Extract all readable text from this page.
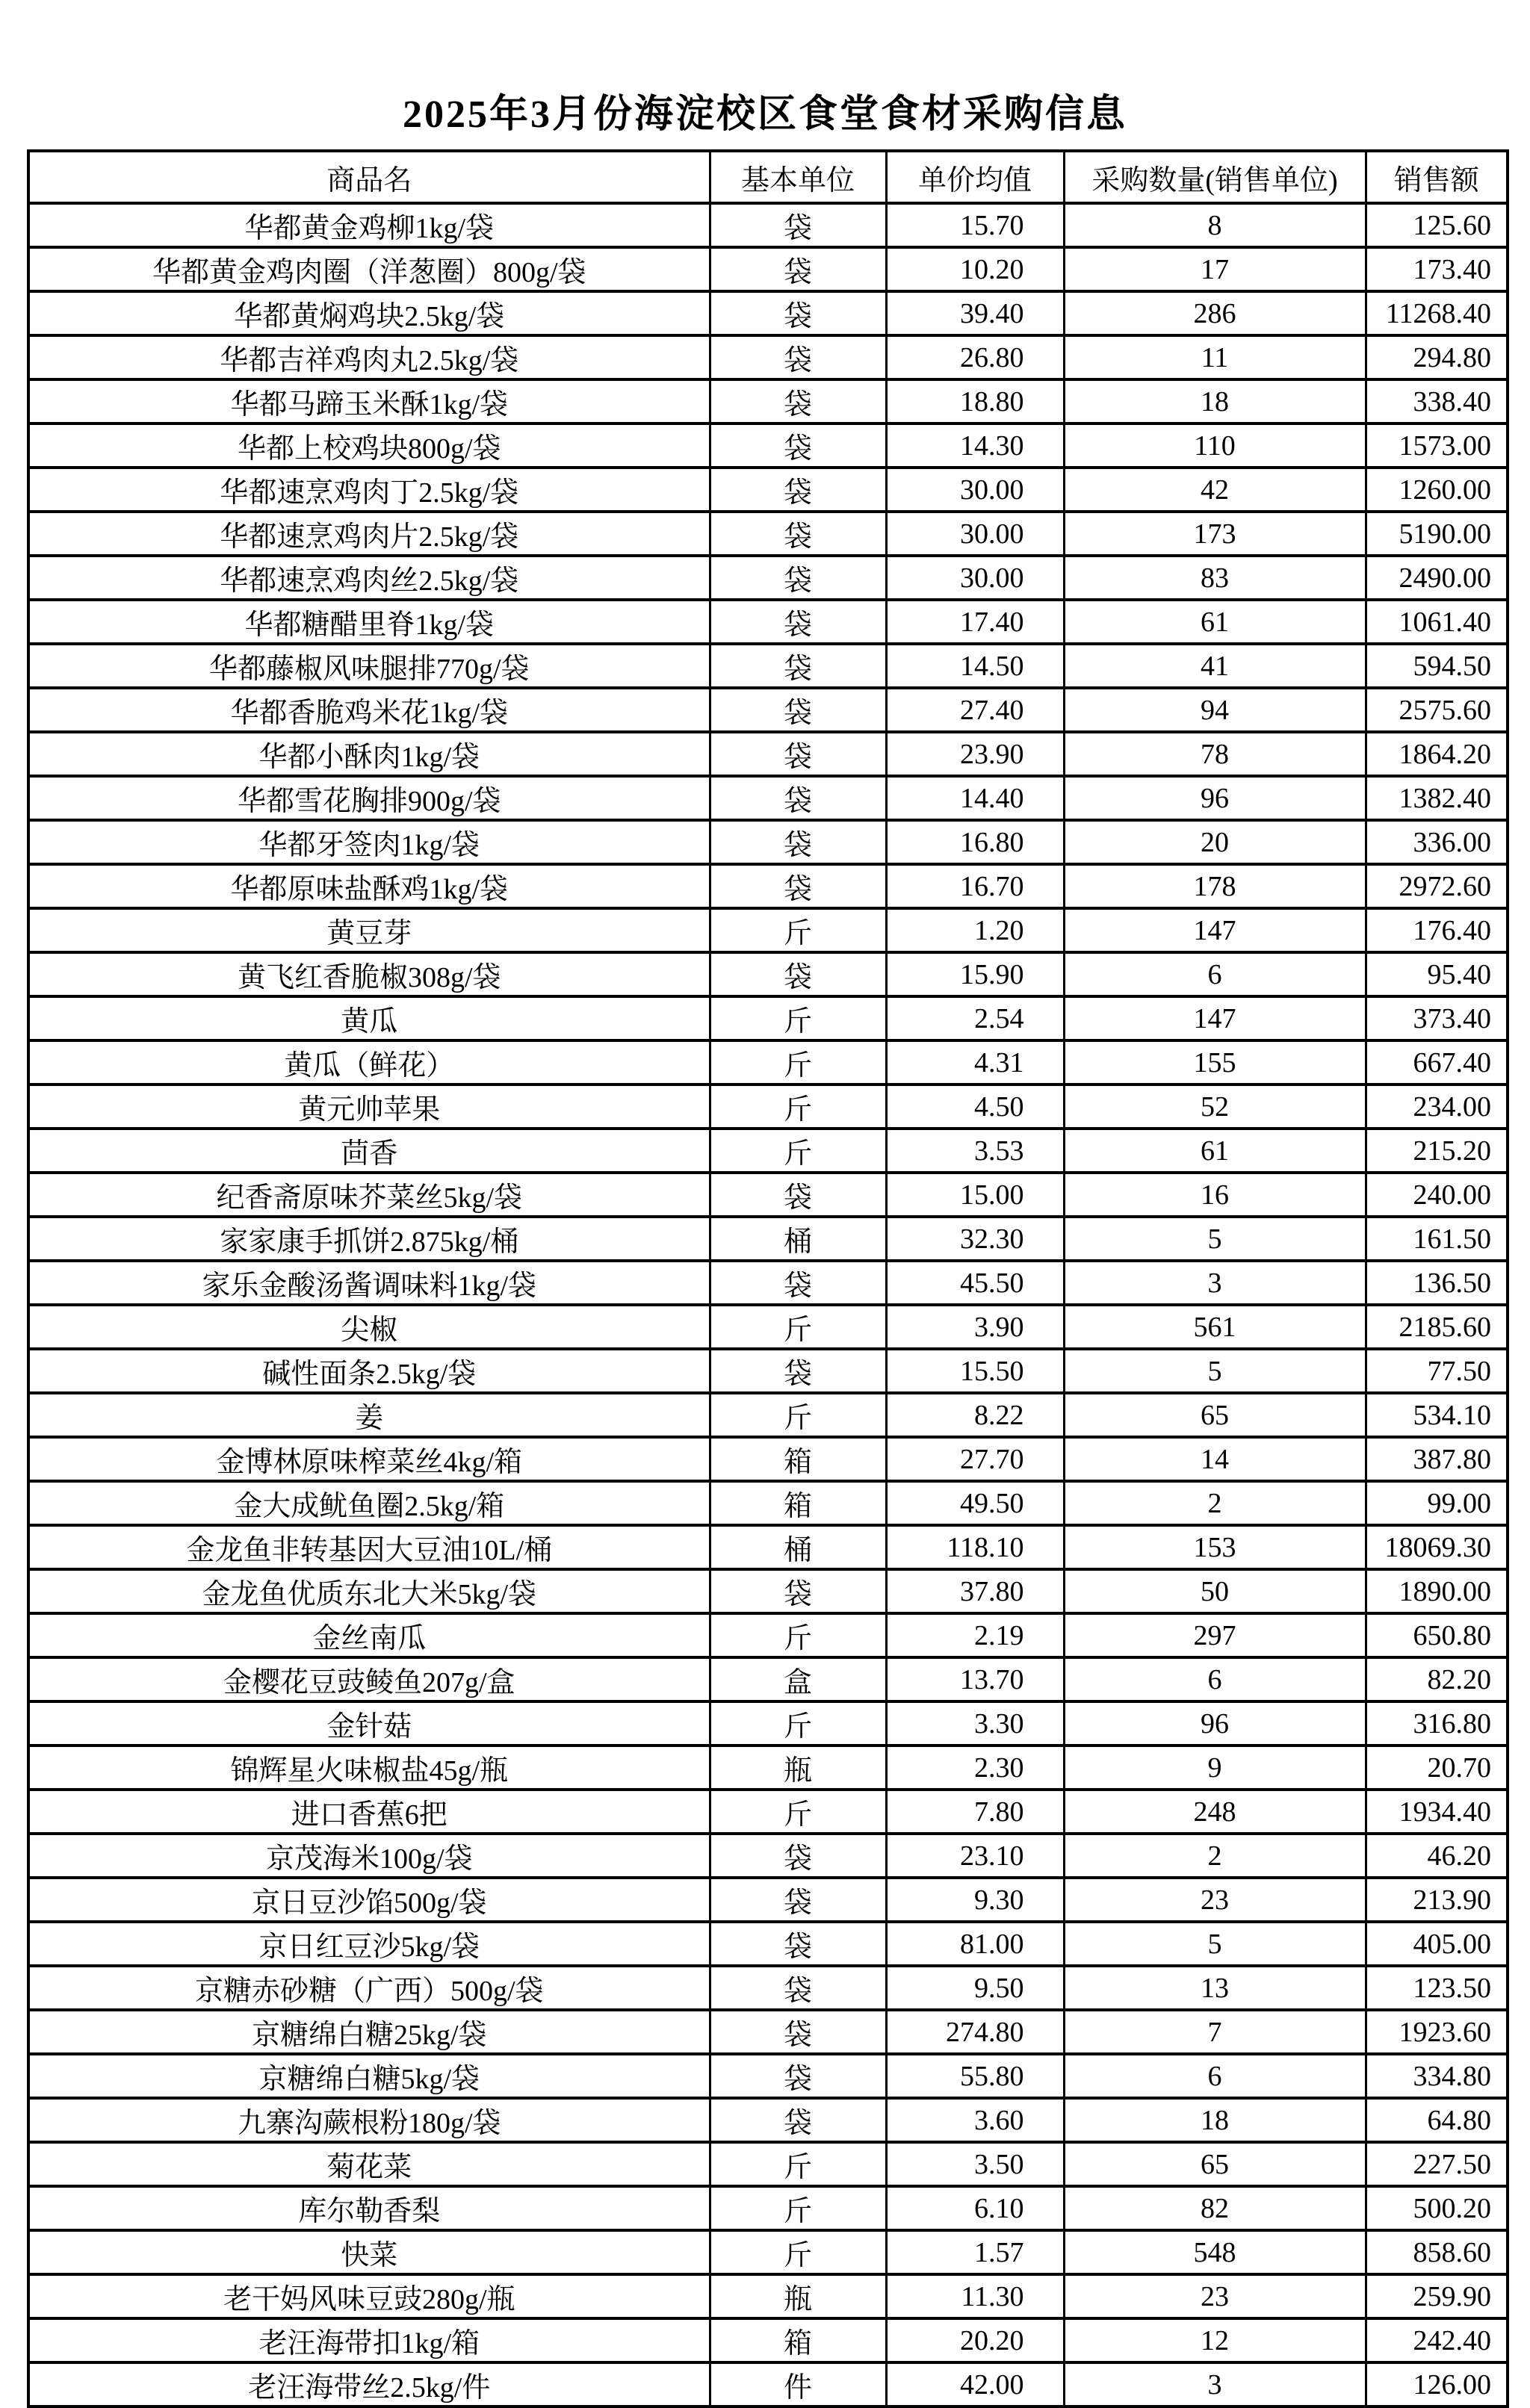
2025年3月份海淀校区食堂食材采购信息
商品名	基本单位	单价均值	采购数量(销售单位)	销售额
华都黄金鸡柳1kg/袋	袋	15.70	8	125.60
华都黄金鸡肉圈（洋葱圈）800g/袋	袋	10.20	17	173.40
华都黄焖鸡块2.5kg/袋	袋	39.40	286	11268.40
华都吉祥鸡肉丸2.5kg/袋	袋	26.80	11	294.80
华都马蹄玉米酥1kg/袋	袋	18.80	18	338.40
华都上校鸡块800g/袋	袋	14.30	110	1573.00
华都速烹鸡肉丁2.5kg/袋	袋	30.00	42	1260.00
华都速烹鸡肉片2.5kg/袋	袋	30.00	173	5190.00
华都速烹鸡肉丝2.5kg/袋	袋	30.00	83	2490.00
华都糖醋里脊1kg/袋	袋	17.40	61	1061.40
华都藤椒风味腿排770g/袋	袋	14.50	41	594.50
华都香脆鸡米花1kg/袋	袋	27.40	94	2575.60
华都小酥肉1kg/袋	袋	23.90	78	1864.20
华都雪花胸排900g/袋	袋	14.40	96	1382.40
华都牙签肉1kg/袋	袋	16.80	20	336.00
华都原味盐酥鸡1kg/袋	袋	16.70	178	2972.60
黄豆芽	斤	1.20	147	176.40
黄飞红香脆椒308g/袋	袋	15.90	6	95.40
黄瓜	斤	2.54	147	373.40
黄瓜（鲜花）	斤	4.31	155	667.40
黄元帅苹果	斤	4.50	52	234.00
茴香	斤	3.53	61	215.20
纪香斋原味芥菜丝5kg/袋	袋	15.00	16	240.00
家家康手抓饼2.875kg/桶	桶	32.30	5	161.50
家乐金酸汤酱调味料1kg/袋	袋	45.50	3	136.50
尖椒	斤	3.90	561	2185.60
碱性面条2.5kg/袋	袋	15.50	5	77.50
姜	斤	8.22	65	534.10
金博林原味榨菜丝4kg/箱	箱	27.70	14	387.80
金大成鱿鱼圈2.5kg/箱	箱	49.50	2	99.00
金龙鱼非转基因大豆油10L/桶	桶	118.10	153	18069.30
金龙鱼优质东北大米5kg/袋	袋	37.80	50	1890.00
金丝南瓜	斤	2.19	297	650.80
金樱花豆豉鲮鱼207g/盒	盒	13.70	6	82.20
金针菇	斤	3.30	96	316.80
锦辉星火味椒盐45g/瓶	瓶	2.30	9	20.70
进口香蕉6把	斤	7.80	248	1934.40
京茂海米100g/袋	袋	23.10	2	46.20
京日豆沙馅500g/袋	袋	9.30	23	213.90
京日红豆沙5kg/袋	袋	81.00	5	405.00
京糖赤砂糖（广西）500g/袋	袋	9.50	13	123.50
京糖绵白糖25kg/袋	袋	274.80	7	1923.60
京糖绵白糖5kg/袋	袋	55.80	6	334.80
九寨沟蕨根粉180g/袋	袋	3.60	18	64.80
菊花菜	斤	3.50	65	227.50
库尔勒香梨	斤	6.10	82	500.20
快菜	斤	1.57	548	858.60
老干妈风味豆豉280g/瓶	瓶	11.30	23	259.90
老汪海带扣1kg/箱	箱	20.20	12	242.40
老汪海带丝2.5kg/件	件	42.00	3	126.00
